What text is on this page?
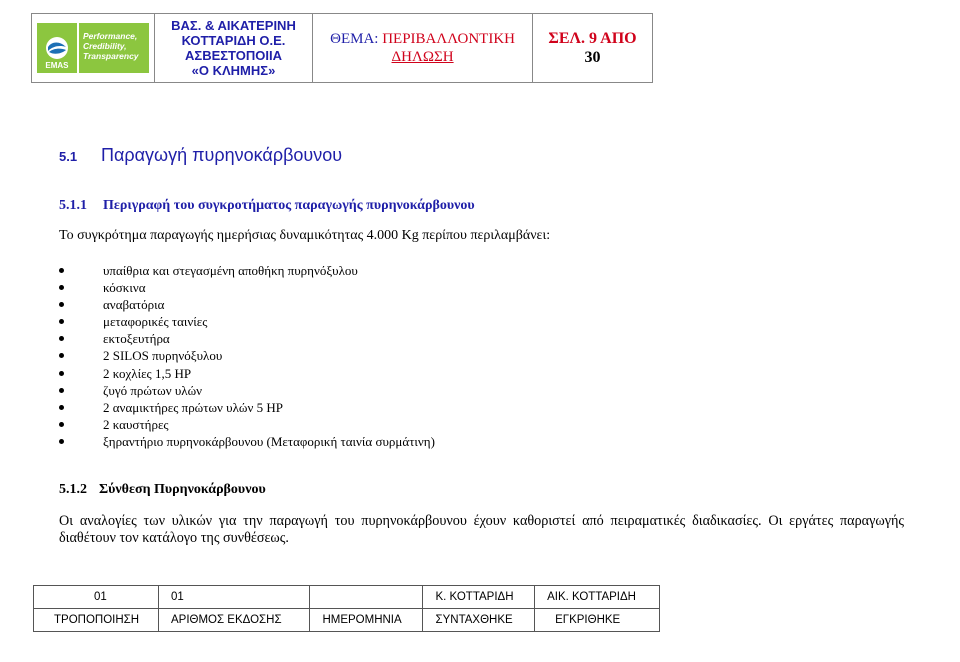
EMAS
Performance,
Credibility,
Transparency

ΒΑΣ. & ΑΙΚΑΤΕΡΙΝΗ
ΚΟΤΤΑΡΙΔΗ Ο.Ε.
ΑΣΒΕΣΤΟΠΟΙΙΑ
«Ο ΚΛΗΜΗΣ»

ΘΕΜΑ: ΠΕΡΙΒΑΛΛΟΝΤΙΚΗ
ΔΗΛΩΣΗ

ΣΕΛ. 9 ΑΠΟ
30
5.1 Παραγωγή πυρηνοκάρβουνου
5.1.1 Περιγραφή του συγκροτήματος παραγωγής πυρηνοκάρβουνου
Το συγκρότημα παραγωγής ημερήσιας δυναμικότητας 4.000 Kg περίπου περιλαμβάνει:
υπαίθρια και στεγασμένη αποθήκη πυρηνόξυλου
κόσκινα
αναβατόρια
μεταφορικές ταινίες
εκτοξευτήρα
2 SILOS πυρηνόξυλου
2 κοχλίες 1,5 HP
ζυγό πρώτων υλών
2 αναμικτήρες πρώτων υλών 5 HP
2 καυστήρες
ξηραντήριο πυρηνοκάρβουνου (Μεταφορική ταινία συρμάτινη)
5.1.2 Σύνθεση Πυρηνοκάρβουνου
Οι αναλογίες των υλικών για την παραγωγή του πυρηνοκάρβουνου έχουν καθοριστεί από πειραματικές διαδικασίες. Οι εργάτες παραγωγής διαθέτουν τον κατάλογο της συνθέσεως.
01	01		Κ. ΚΟΤΤΑΡΙΔΗ	ΑΙΚ. ΚΟΤΤΑΡΙΔΗ
ΤΡΟΠΟΠΟΙΗΣΗ	ΑΡΙΘΜΟΣ ΕΚΔΟΣΗΣ	ΗΜΕΡΟΜΗΝΙΑ	ΣΥΝΤΑΧΘΗΚΕ	ΕΓΚΡΙΘΗΚΕ
